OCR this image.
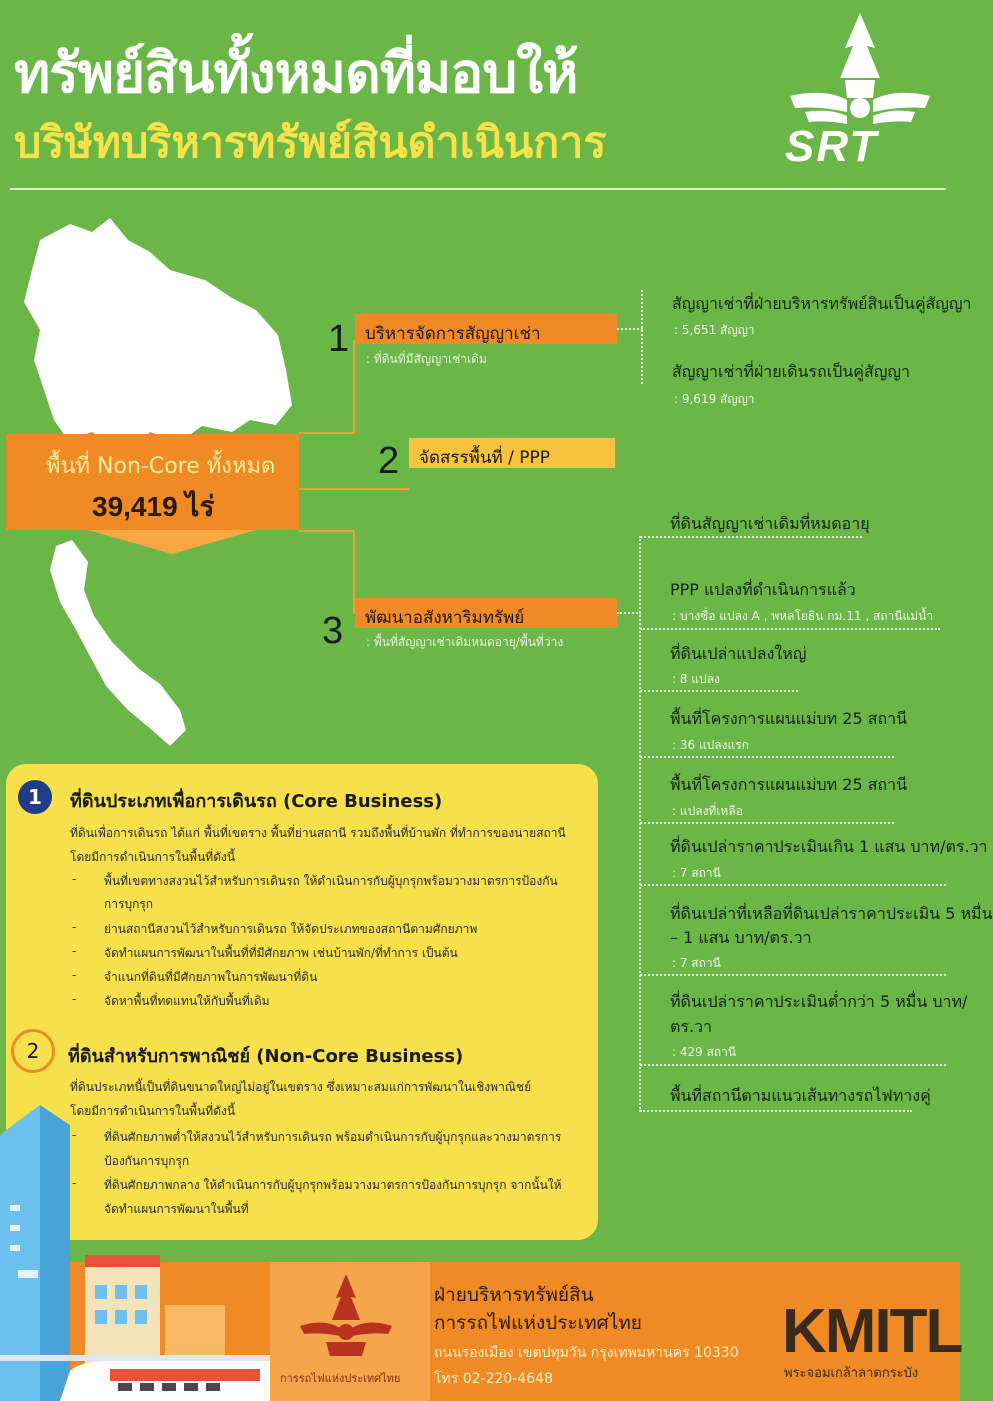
ทรัพย์สินทั้งหมดที่มอบให้
บริษัทบริหารทรัพย์สินดำเนินการ	SRT
พื้นที่ Non-Core ทั้งหมด
39,419 ไร่
1 บริหารจัดการสัญญาเช่า
: ที่ดินที่มีสัญญาเช่าเดิม
2	จัดสรรพื้นที่ / PPP
3	พัฒนาอสังหาริมทรัพย์
: พื้นที่สัญญาเช่าเดิมหมดอายุ/พื้นที่ว่าง
สัญญาเช่าที่ฝ่ายบริหารทรัพย์สินเป็นคู่สัญญา
: 5,651 สัญญา
สัญญาเช่าที่ฝ่ายเดินรถเป็นคู่สัญญา
: 9,619 สัญญา
ที่ดินสัญญาเช่าเดิมที่หมดอายุ
PPP แปลงที่ดำเนินการแล้ว
: บางซื่อ แปลง A , พหลโยธิน กม.11 , สถานีแม่น้ำ
ที่ดินเปล่าแปลงใหญ่
: 8 แปลง
พื้นที่โครงการแผนแม่บท 25 สถานี
: 36 แปลงแรก
พื้นที่โครงการแผนแม่บท 25 สถานี
: แปลงที่เหลือ
ที่ดินเปล่าราคาประเมินเกิน 1 แสน บาท/ตร.วา
: 7 สถานี
ที่ดินเปล่าที่เหลือที่ดินเปล่าราคาประเมิน 5 หมื่น
– 1 แสน บาท/ตร.วา
: 7 สถานี
ที่ดินเปล่าราคาประเมินต่ำกว่า 5 หมื่น บาท/
ตร.วา
: 429 สถานี
พื้นที่สถานีตามแนวเส้นทางรถไฟทางคู่
1	ที่ดินประเภทเพื่อการเดินรถ (Core Business)
ที่ดินเพื่อการเดินรถ ได้แก่ พื้นที่เขตราง พื้นที่ย่านสถานี รวมถึงพื้นที่บ้านพัก ที่ทำการของนายสถานี
โดยมีการดำเนินการในพื้นที่ดังนี้
- พื้นที่เขตทางสงวนไว้สำหรับการเดินรถ ให้ดำเนินการกับผู้บุกรุกพร้อมวางมาตรการป้องกัน
การบุกรุก
- ย่านสถานีสงวนไว้สำหรับการเดินรถ ให้จัดประเภทของสถานีตามศักยภาพ
- จัดทำแผนการพัฒนาในพื้นที่ที่มีศักยภาพ เช่นบ้านพัก/ที่ทำการ เป็นต้น
- จำแนกที่ดินที่มีศักยภาพในการพัฒนาที่ดิน
- จัดหาพื้นที่ทดแทนให้กับพื้นที่เดิม
2	ที่ดินสำหรับการพาณิชย์ (Non-Core Business)
ที่ดินประเภทนี้เป็นที่ดินขนาดใหญ่ไม่อยู่ในเขตราง ซึ่งเหมาะสมแก่การพัฒนาในเชิงพาณิชย์
โดยมีการดำเนินการในพื้นที่ดังนี้
- ที่ดินศักยภาพต่ำให้สงวนไว้สำหรับการเดินรถ พร้อมดำเนินการกับผู้บุกรุกและวางมาตรการ
ป้องกันการบุกรุก
- ที่ดินศักยภาพกลาง ให้ดำเนินการกับผู้บุกรุกพร้อมวางมาตรการป้องกันการบุกรุก จากนั้นให้
จัดทำแผนการพัฒนาในพื้นที่
การรถไฟแห่งประเทศไทย
ฝ่ายบริหารทรัพย์สิน
การรถไฟแห่งประเทศไทย
ถนนรองเมือง เขตปทุมวัน กรุงเทพมหานคร 10330
โทร 02-220-4648
KMITL
พระจอมเกล้าลาดกระบัง
